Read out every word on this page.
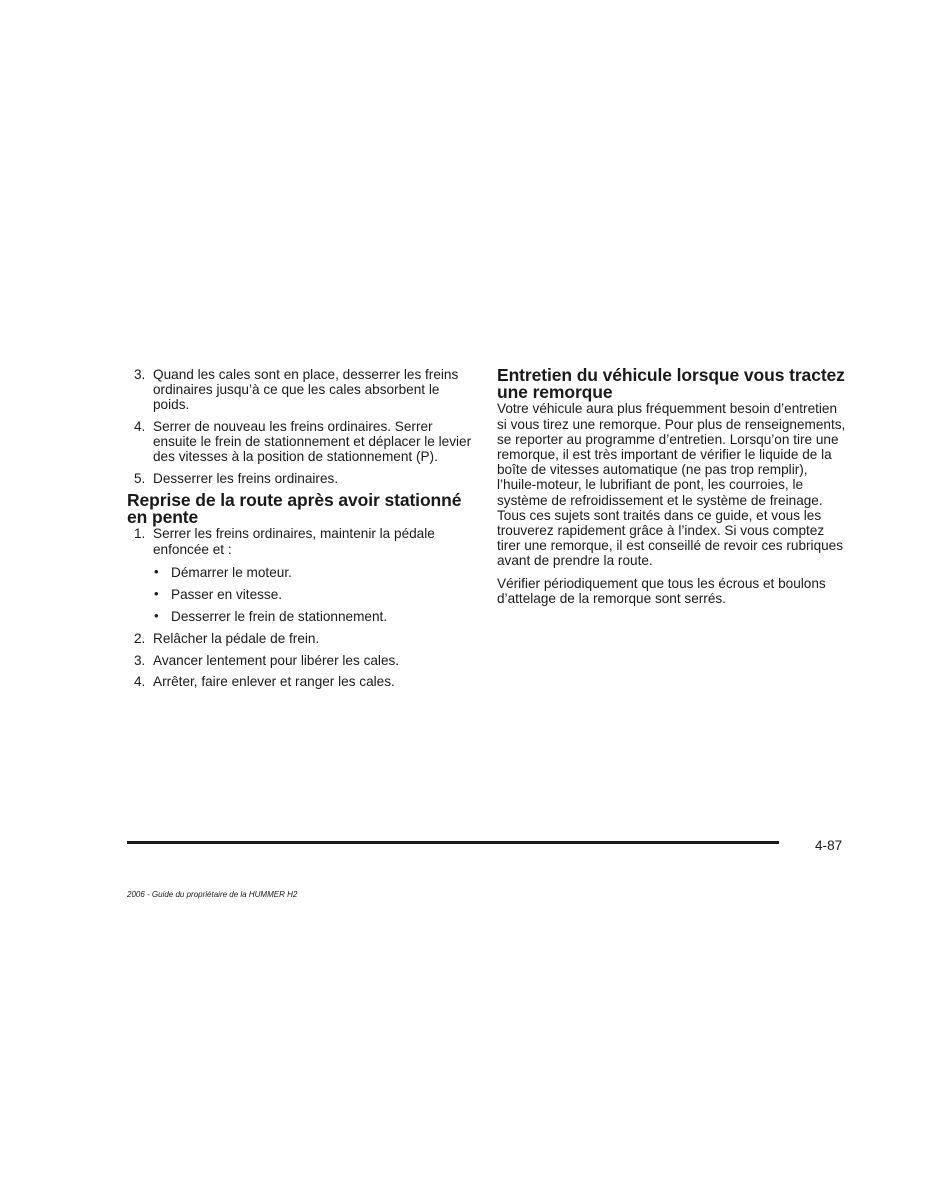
3. Quand les cales sont en place, desserrer les freins ordinaires jusqu’à ce que les cales absorbent le poids.
4. Serrer de nouveau les freins ordinaires. Serrer ensuite le frein de stationnement et déplacer le levier des vitesses à la position de stationnement (P).
5. Desserrer les freins ordinaires.
Reprise de la route après avoir stationné en pente
1. Serrer les freins ordinaires, maintenir la pédale enfoncée et :
• Démarrer le moteur.
• Passer en vitesse.
• Desserrer le frein de stationnement.
2. Relâcher la pédale de frein.
3. Avancer lentement pour libérer les cales.
4. Arrêter, faire enlever et ranger les cales.
Entretien du véhicule lorsque vous tractez une remorque

Votre véhicule aura plus fréquemment besoin d’entretien si vous tirez une remorque. Pour plus de renseignements, se reporter au programme d’entretien. Lorsqu’on tire une remorque, il est très important de vérifier le liquide de la boîte de vitesses automatique (ne pas trop remplir), l’huile-moteur, le lubrifiant de pont, les courroies, le système de refroidissement et le système de freinage. Tous ces sujets sont traités dans ce guide, et vous les trouverez rapidement grâce à l’index. Si vous comptez tirer une remorque, il est conseillé de revoir ces rubriques avant de prendre la route.

Vérifier périodiquement que tous les écrous et boulons d’attelage de la remorque sont serrés.

4-87
2006 - Guide du propriétaire de la HUMMER H2
